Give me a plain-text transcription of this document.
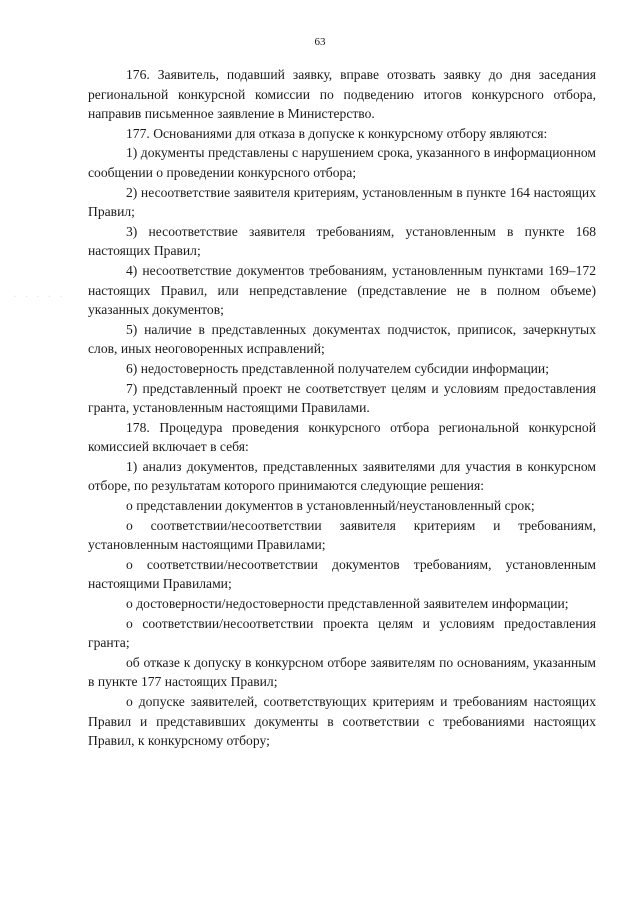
63
· · · · ·

176. Заявитель, подавший заявку, вправе отозвать заявку до дня заседания региональной конкурсной комиссии по подведению итогов конкурсного отбора, направив письменное заявление в Министерство.

177. Основаниями для отказа в допуске к конкурсному отбору являются:

1) документы представлены с нарушением срока, указанного в информационном сообщении о проведении конкурсного отбора;

2) несоответствие заявителя критериям, установленным в пункте 164 настоящих Правил;

3) несоответствие заявителя требованиям, установленным в пункте 168 настоящих Правил;

4) несоответствие документов требованиям, установленным пунктами 169–172 настоящих Правил, или непредставление (представление не в полном объеме) указанных документов;

5) наличие в представленных документах подчисток, приписок, зачеркнутых слов, иных неоговоренных исправлений;

6) недостоверность представленной получателем субсидии информации;

7) представленный проект не соответствует целям и условиям предоставления гранта, установленным настоящими Правилами.

178. Процедура проведения конкурсного отбора региональной конкурсной комиссией включает в себя:

1) анализ документов, представленных заявителями для участия в конкурсном отборе, по результатам которого принимаются следующие решения:

о представлении документов в установленный/неустановленный срок;

о соответствии/несоответствии заявителя критериям и требованиям, установленным настоящими Правилами;

о соответствии/несоответствии документов требованиям, установленным настоящими Правилами;

о достоверности/недостоверности представленной заявителем информации;

о соответствии/несоответствии проекта целям и условиям предоставления гранта;

об отказе к допуску в конкурсном отборе заявителям по основаниям, указанным в пункте 177 настоящих Правил;

о допуске заявителей, соответствующих критериям и требованиям настоящих Правил и представивших документы в соответствии с требованиями настоящих Правил, к конкурсному отбору;
